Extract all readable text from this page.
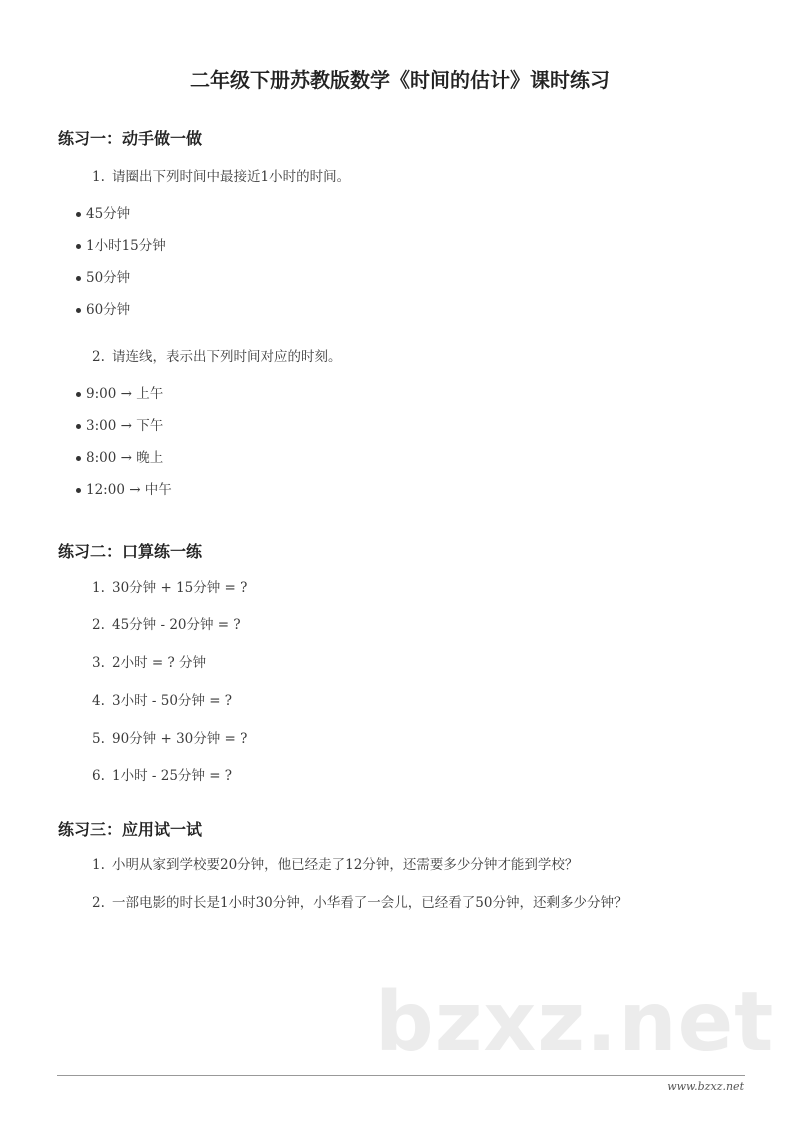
二年级下册苏教版数学《时间的估计》课时练习
练习一：动手做一做
1. 请圈出下列时间中最接近1小时的时间。
45分钟
1小时15分钟
50分钟
60分钟
2. 请连线，表示出下列时间对应的时刻。
9:00 → 上午
3:00 → 下午
8:00 → 晚上
12:00 → 中午
练习二：口算练一练
1. 30分钟 + 15分钟 = ?
2. 45分钟 - 20分钟 = ?
3. 2小时 = ? 分钟
4. 3小时 - 50分钟 = ?
5. 90分钟 + 30分钟 = ?
6. 1小时 - 25分钟 = ?
练习三：应用试一试
1. 小明从家到学校要20分钟，他已经走了12分钟，还需要多少分钟才能到学校？
2. 一部电影的时长是1小时30分钟，小华看了一会儿，已经看了50分钟，还剩多少分钟？
bzxz.net
www.bzxz.net
